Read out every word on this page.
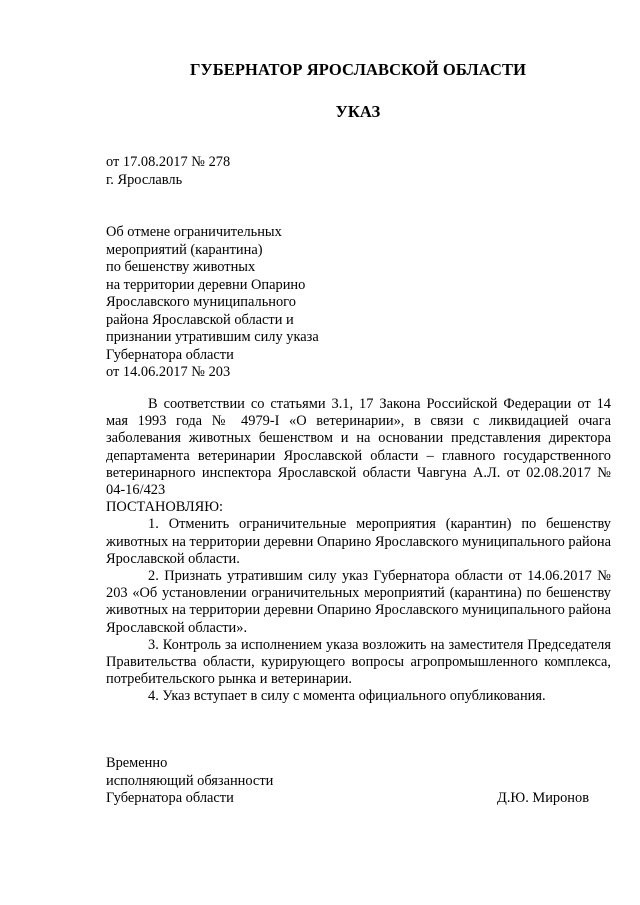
ГУБЕРНАТОР ЯРОСЛАВСКОЙ ОБЛАСТИ
УКАЗ
от 17.08.2017 № 278
г. Ярославль
Об отмене ограничительных
мероприятий (карантина)
по бешенству животных
на территории деревни Опарино
Ярославского муниципального
района Ярославской области и
признании утратившим силу указа
Губернатора области
от 14.06.2017 № 203

В соответствии со статьями 3.1, 17 Закона Российской Федерации от 14 мая 1993 года № 4979-I «О ветеринарии», в связи с ликвидацией очага заболевания животных бешенством и на основании представления директора департамента ветеринарии Ярославской области – главного государственного ветеринарного инспектора Ярославской области Чавгуна А.Л. от 02.08.2017 № 04-16/423

ПОСТАНОВЛЯЮ:

1. Отменить ограничительные мероприятия (карантин) по бешенству животных на территории деревни Опарино Ярославского муниципального района Ярославской области.

2. Признать утратившим силу указ Губернатора области от 14.06.2017 № 203 «Об установлении ограничительных мероприятий (карантина) по бешенству животных на территории деревни Опарино Ярославского муниципального района Ярославской области».

3. Контроль за исполнением указа возложить на заместителя Председателя Правительства области, курирующего вопросы агропромышленного комплекса, потребительского рынка и ветеринарии.

4. Указ вступает в силу с момента официального опубликования.

Временно
исполняющий обязанности
Губернатора области	Д.Ю. Миронов
